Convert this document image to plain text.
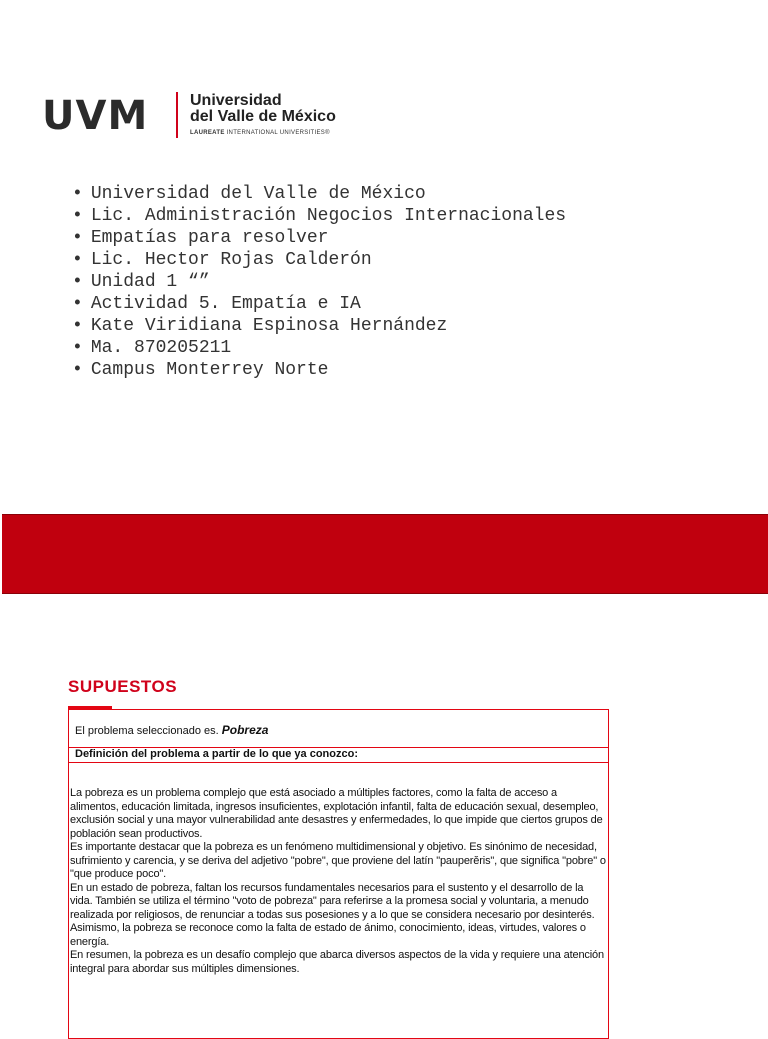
UVM	Universidad
del Valle de México
LAUREATE INTERNATIONAL UNIVERSITIES®
• Universidad del Valle de México
• Lic. Administración Negocios Internacionales
• Empatías para resolver
• Lic. Hector Rojas Calderón
• Unidad 1 “”
• Actividad 5. Empatía e IA
• Kate Viridiana Espinosa Hernández
• Ma. 870205211
• Campus Monterrey Norte
SUPUESTOS
El problema seleccionado es. Pobreza
Definición del problema a partir de lo que ya conozco:

La pobreza es un problema complejo que está asociado a múltiples factores, como la falta de acceso a alimentos, educación limitada, ingresos insuficientes, explotación infantil, falta de educación sexual, desempleo, exclusión social y una mayor vulnerabilidad ante desastres y enfermedades, lo que impide que ciertos grupos de población sean productivos.

Es importante destacar que la pobreza es un fenómeno multidimensional y objetivo. Es sinónimo de necesidad, sufrimiento y carencia, y se deriva del adjetivo "pobre", que proviene del latín "pauperĕris", que significa "pobre" o "que produce poco".

En un estado de pobreza, faltan los recursos fundamentales necesarios para el sustento y el desarrollo de la vida. También se utiliza el término "voto de pobreza" para referirse a la promesa social y voluntaria, a menudo realizada por religiosos, de renunciar a todas sus posesiones y a lo que se considera necesario por desinterés. Asimismo, la pobreza se reconoce como la falta de estado de ánimo, conocimiento, ideas, virtudes, valores o energía.

En resumen, la pobreza es un desafío complejo que abarca diversos aspectos de la vida y requiere una atención integral para abordar sus múltiples dimensiones.
